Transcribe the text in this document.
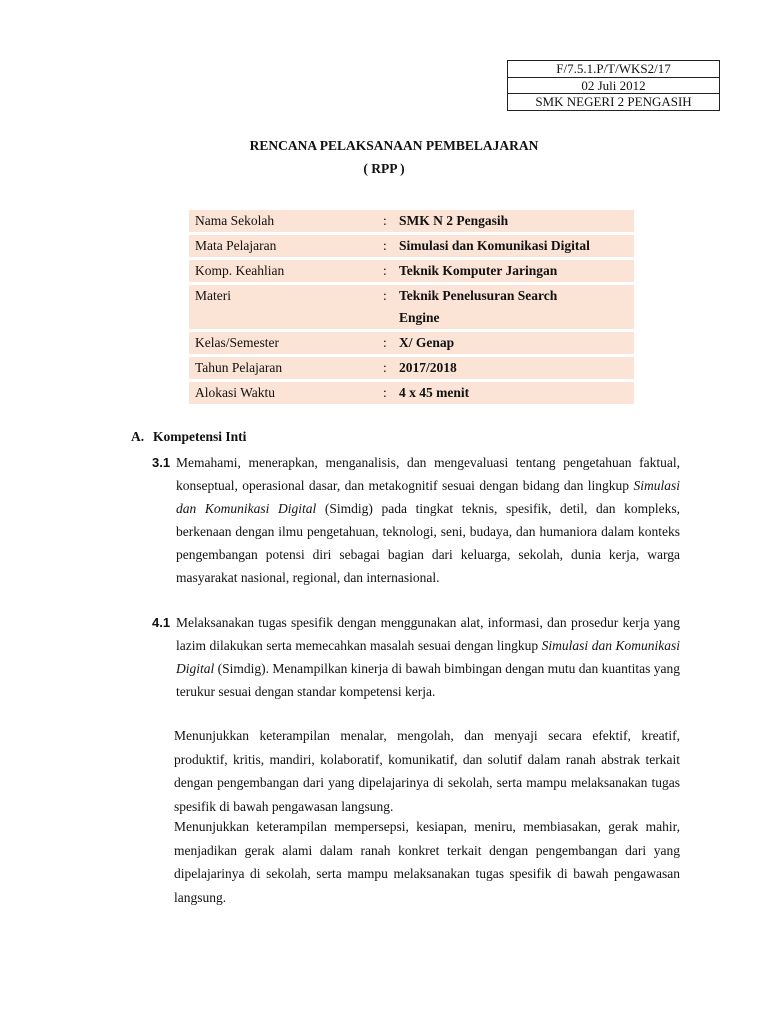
F/7.5.1.P/T/WKS2/17
02 Juli 2012
SMK NEGERI 2 PENGASIH
RENCANA PELAKSANAAN PEMBELAJARAN
( RPP )
Nama Sekolah	:	SMK N 2 Pengasih
Mata Pelajaran	:	Simulasi dan Komunikasi Digital
Komp. Keahlian	:	Teknik Komputer Jaringan
Materi	:	Teknik Penelusuran Search Engine
Kelas/Semester	:	X/ Genap
Tahun Pelajaran	:	2017/2018
Alokasi Waktu	:	4 x 45 menit
A. Kompetensi Inti
3.1 Memahami, menerapkan, menganalisis, dan mengevaluasi tentang pengetahuan faktual, konseptual, operasional dasar, dan metakognitif sesuai dengan bidang dan lingkup Simulasi dan Komunikasi Digital (Simdig) pada tingkat teknis, spesifik, detil, dan kompleks, berkenaan dengan ilmu pengetahuan, teknologi, seni, budaya, dan humaniora dalam konteks pengembangan potensi diri sebagai bagian dari keluarga, sekolah, dunia kerja, warga masyarakat nasional, regional, dan internasional.
4.1 Melaksanakan tugas spesifik dengan menggunakan alat, informasi, dan prosedur kerja yang lazim dilakukan serta memecahkan masalah sesuai dengan lingkup Simulasi dan Komunikasi Digital (Simdig). Menampilkan kinerja di bawah bimbingan dengan mutu dan kuantitas yang terukur sesuai dengan standar kompetensi kerja.
Menunjukkan keterampilan menalar, mengolah, dan menyaji secara efektif, kreatif, produktif, kritis, mandiri, kolaboratif, komunikatif, dan solutif dalam ranah abstrak terkait dengan pengembangan dari yang dipelajarinya di sekolah, serta mampu melaksanakan tugas spesifik di bawah pengawasan langsung.
Menunjukkan keterampilan mempersepsi, kesiapan, meniru, membiasakan, gerak mahir, menjadikan gerak alami dalam ranah konkret terkait dengan pengembangan dari yang dipelajarinya di sekolah, serta mampu melaksanakan tugas spesifik di bawah pengawasan langsung.
